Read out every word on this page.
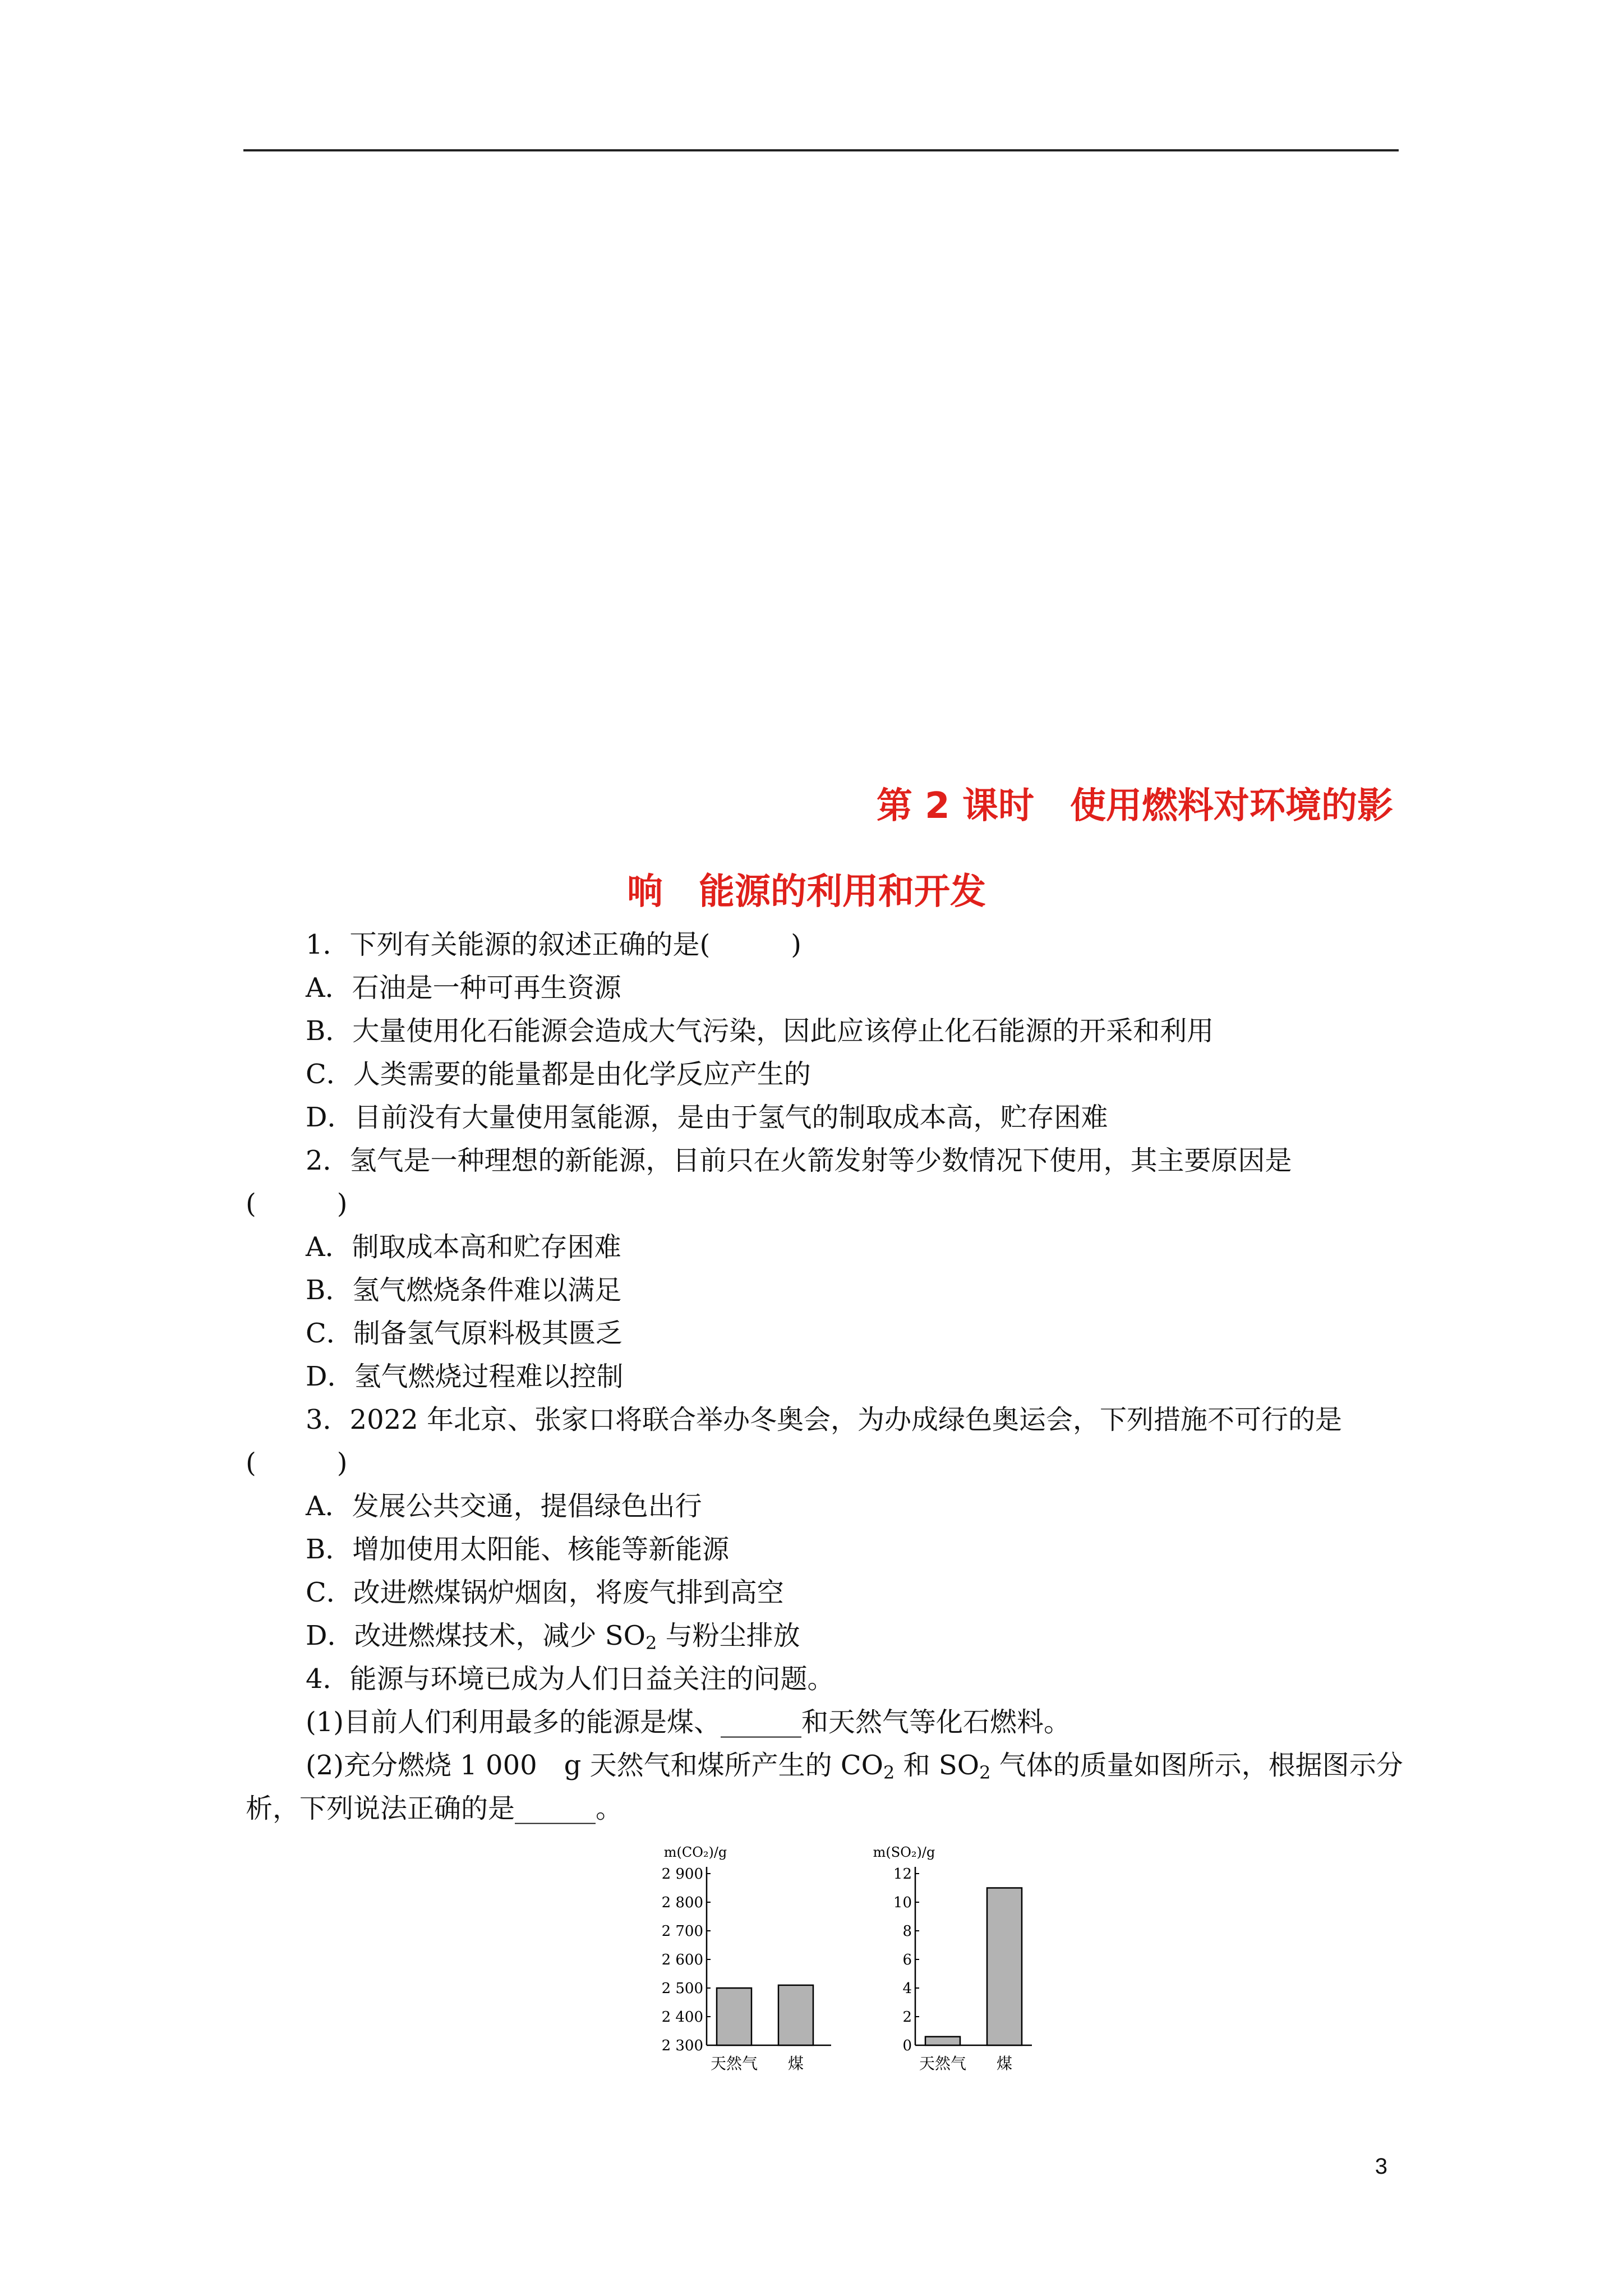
第 2 课时　使用燃料对环境的影
响　能源的利用和开发
1．下列有关能源的叙述正确的是(　　　)
A．石油是一种可再生资源
B．大量使用化石能源会造成大气污染，因此应该停止化石能源的开采和利用
C．人类需要的能量都是由化学反应产生的
D．目前没有大量使用氢能源，是由于氢气的制取成本高，贮存困难
2．氢气是一种理想的新能源，目前只在火箭发射等少数情况下使用，其主要原因是
(　　　)
A．制取成本高和贮存困难
B．氢气燃烧条件难以满足
C．制备氢气原料极其匮乏
D．氢气燃烧过程难以控制
3．2022 年北京、张家口将联合举办冬奥会，为办成绿色奥运会，下列措施不可行的是
(　　　)
A．发展公共交通，提倡绿色出行
B．增加使用太阳能、核能等新能源
C．改进燃煤锅炉烟囱，将废气排到高空
D．改进燃煤技术，减少 $SO_2$ 与粉尘排放
4．能源与环境已成为人们日益关注的问题。
(1)目前人们利用最多的能源是煤、______和天然气等化石燃料。
(2)充分燃烧 1 000　g 天然气和煤所产生的 $CO_2$ 和 $SO_2$ 气体的质量如图所示，根据图示分
析，下列说法正确的是______。
m(CO₂)/g
2 900
2 800
2 700
2 600
2 500
2 400
2 300
天然气 煤
m(SO₂)/g
12
10
8
6
4
2
0
天然气 煤
3
